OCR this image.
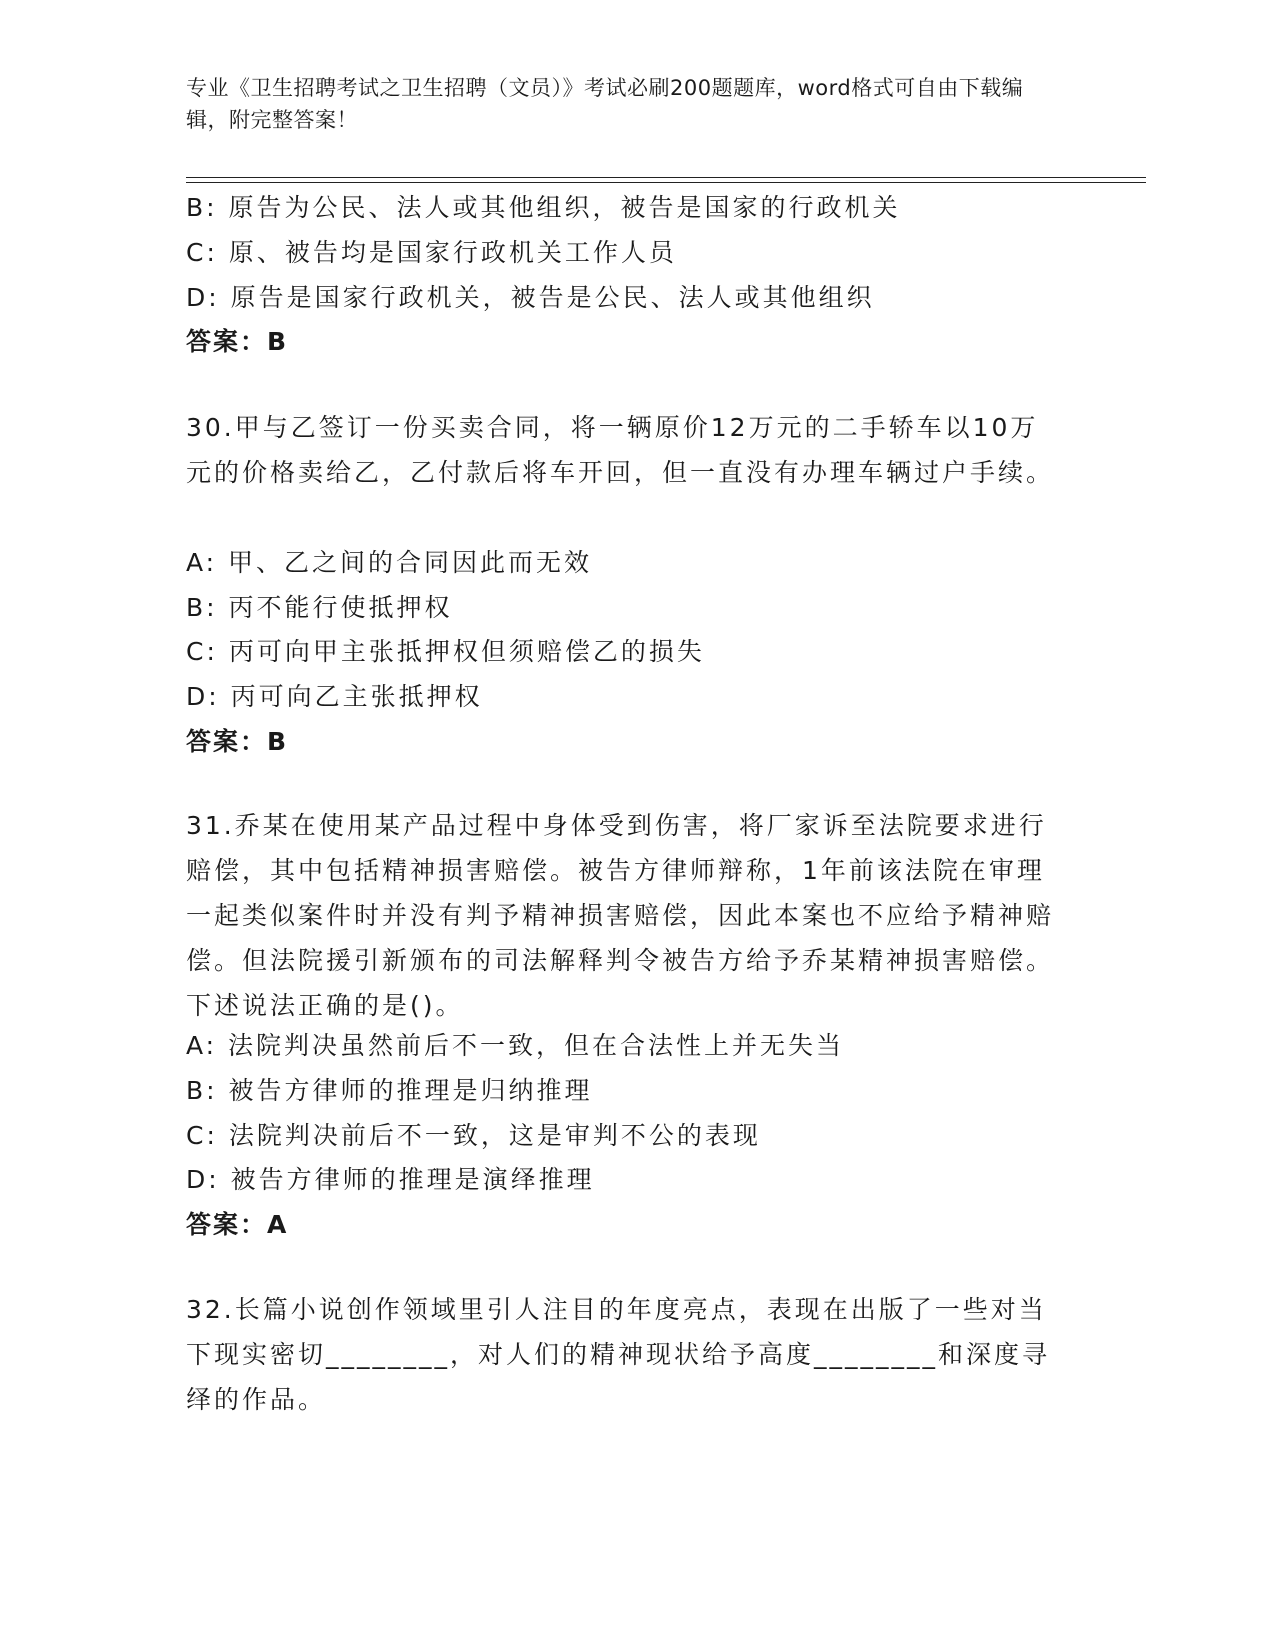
专业《卫生招聘考试之卫生招聘（文员）》考试必刷200题题库，word格式可自由下载编辑，附完整答案！
B: 原告为公民、法人或其他组织，被告是国家的行政机关
C: 原、被告均是国家行政机关工作人员
D: 原告是国家行政机关，被告是公民、法人或其他组织
答案：B
30.甲与乙签订一份买卖合同，将一辆原价12万元的二手轿车以10万元的价格卖给乙，乙付款后将车开回，但一直没有办理车辆过户手续。
A: 甲、乙之间的合同因此而无效
B: 丙不能行使抵押权
C: 丙可向甲主张抵押权但须赔偿乙的损失
D: 丙可向乙主张抵押权
答案：B
31.乔某在使用某产品过程中身体受到伤害，将厂家诉至法院要求进行赔偿，其中包括精神损害赔偿。被告方律师辩称，1年前该法院在审理一起类似案件时并没有判予精神损害赔偿，因此本案也不应给予精神赔偿。但法院援引新颁布的司法解释判令被告方给予乔某精神损害赔偿。下述说法正确的是()。
A: 法院判决虽然前后不一致，但在合法性上并无失当
B: 被告方律师的推理是归纳推理
C: 法院判决前后不一致，这是审判不公的表现
D: 被告方律师的推理是演绎推理
答案：A
32.长篇小说创作领域里引人注目的年度亮点，表现在出版了一些对当下现实密切________，对人们的精神现状给予高度________和深度寻绎的作品。
